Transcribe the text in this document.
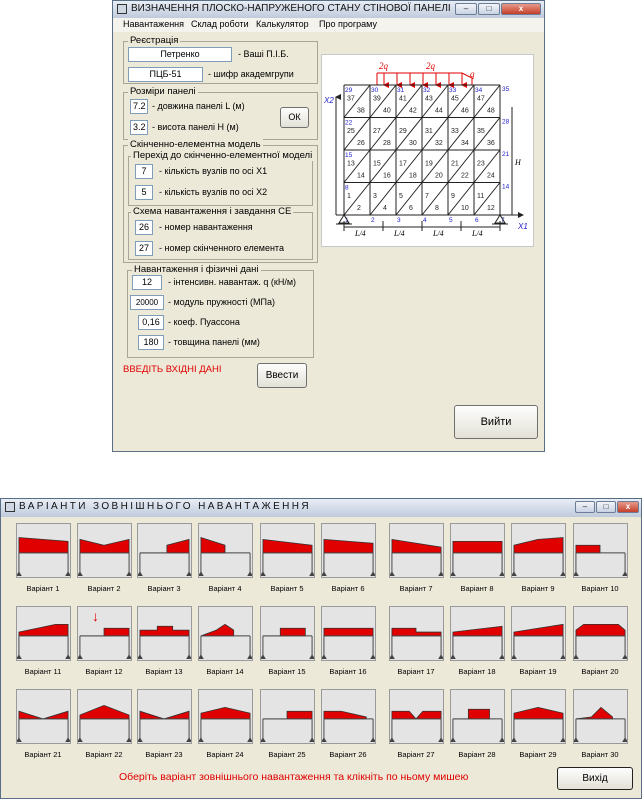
ВИЗНАЧЕННЯ ПЛОСКО-НАПРУЖЕНОГО СТАНУ СТІНОВОЇ ПАНЕЛІ	–	□	x
Навантаження Склад роботи Калькулятор Про програму
Реєстрація
Петренко	- Ваші П.І.Б.
ПЦБ-51	- шифр академгрупи
Розміри панелі
7.2 - довжина панелі L (м)
3.2 - висота панелі H (м)
ОК
Скінченно-елементна модель
Перехід до скінченно-елементної моделі
7	- кількість вузлів по осі X1
5	- кількість вузлів по осі X2
Схема навантаження і завдання СЕ
26	- номер навантаження
27	- номер скінченного елемента
Навантаження і фізичні дані
12	- інтенсивн. навантаж. q (кН/м)
20000	- модуль пружності (МПа)
0,16 - коеф. Пуассона
180	- товщина панелі (мм)
ВВЕДІТЬ ВХІДНІ ДАНІ
Ввести
Вийти
2q	2q
q
X2
X1
37
38
39
40
41
42
43
44
45
46
47
48
25
26
27
28
29
30
31
32
33
34
35
36
13
14
15
16
17
18
19
20
21
22
23
24
1
2
3
4
5
6
7
8
9
10
11
12
1	2	3	4	5	6	7
14
21
28
35
8
15
22
29	30	31	32	33	34
L/4	L/4	L/4	L/4
H
ВАРІАНТИ ЗОВНІШНЬОГО НАВАНТАЖЕННЯ	–	□	x
Оберіть варіант зовнішнього навантаження та клікніть по ньому мишею	Вихід
Варіант 1	Варіант 2	Варіант 3	Варіант 4	Варіант 5	Варіант 6	Варіант 7	Варіант 8	Варіант 9	Варіант 10
Варіант 11
↓
Варіант 12	Варіант 13	Варіант 14	Варіант 15	Варіант 16	Варіант 17	Варіант 18	Варіант 19	Варіант 20
Варіант 21	Варіант 22	Варіант 23	Варіант 24	Варіант 25	Варіант 26	Варіант 27	Варіант 28	Варіант 29	Варіант 30
